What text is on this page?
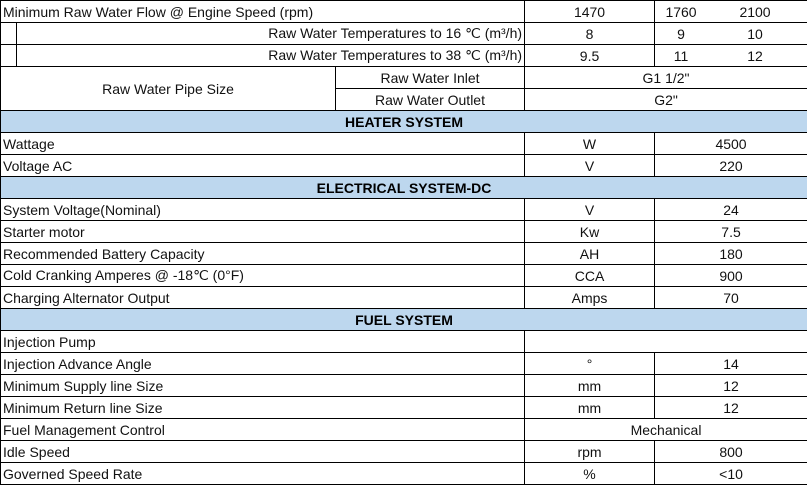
Minimum Raw Water Flow @ Engine Speed (rpm)			1470	1760 2100
	Raw Water Temperatures to 16 ℃ (m³/h)		8	9 10
	Raw Water Temperatures to 38 ℃ (m³/h)		9.5	11 12
Raw Water Pipe Size		Raw Water Inlet	G1 1/2"	
		Raw Water Outlet	G2"	
HEATER SYSTEM				
Wattage			W	4500
Voltage AC			V	220
ELECTRICAL SYSTEM-DC				
System Voltage(Nominal)			V	24
Starter motor			Kw	7.5
Recommended Battery Capacity			AH	180
Cold Cranking Amperes @ -18℃ (0°F)			CCA	900
Charging Alternator Output			Amps	70
FUEL SYSTEM				
Injection Pump				
Injection Advance Angle			°	14
Minimum Supply line Size			mm	12
Minimum Return line Size			mm	12
Fuel Management Control			Mechanical	
Idle Speed			rpm	800
Governed Speed Rate			%	<10
